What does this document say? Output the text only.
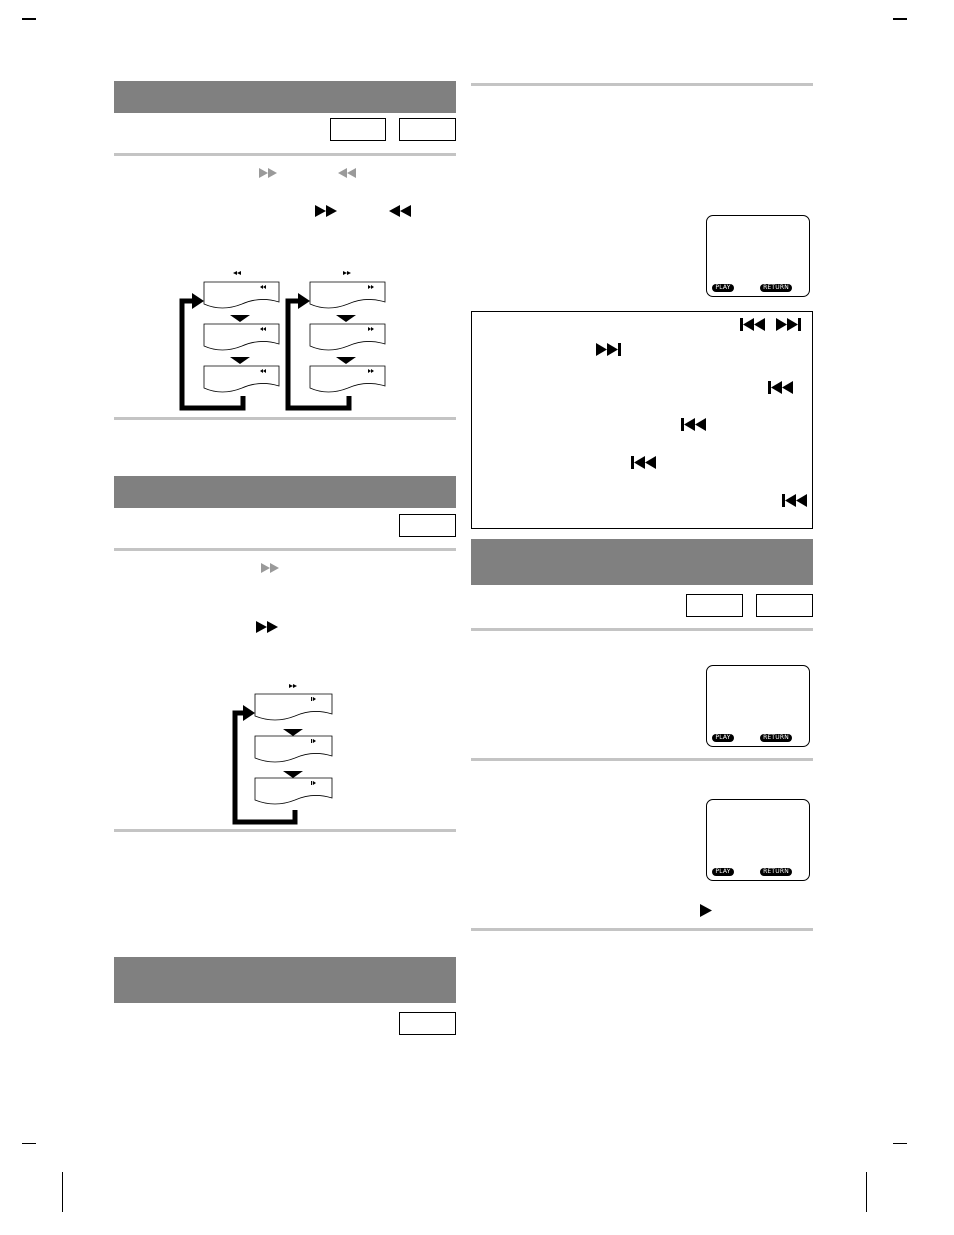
PLAY	RETURN
PLAY	RETURN
PLAY	RETURN
